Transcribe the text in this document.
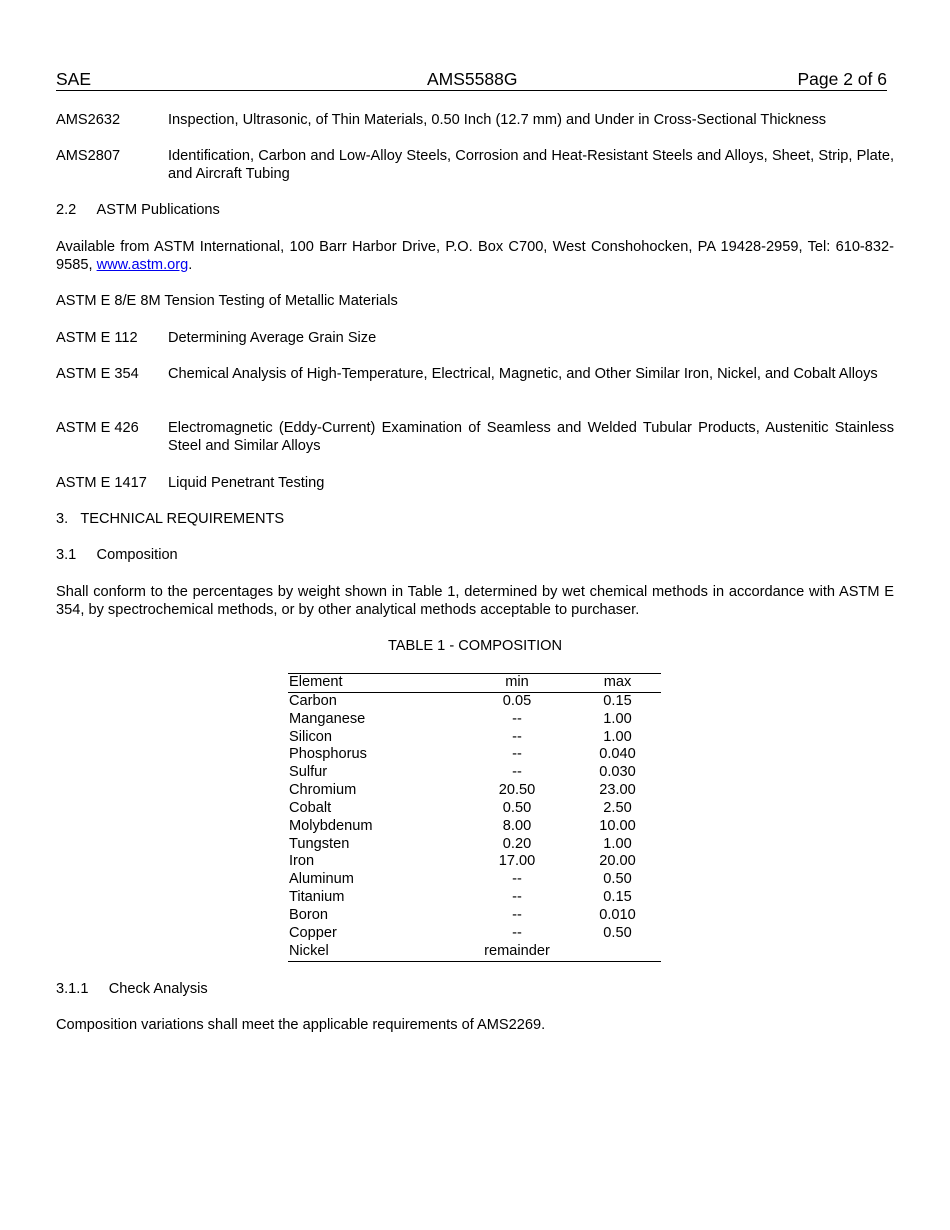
SAE	AMS5588G	Page 2 of 6
AMS2632	Inspection, Ultrasonic, of Thin Materials, 0.50 Inch (12.7 mm) and Under in Cross-Sectional Thickness
AMS2807	Identification, Carbon and Low-Alloy Steels, Corrosion and Heat-Resistant Steels and Alloys, Sheet, Strip, Plate, and Aircraft Tubing
2.2     ASTM Publications
Available from ASTM International, 100 Barr Harbor Drive, P.O. Box C700, West Conshohocken, PA 19428-2959, Tel: 610-832-9585, www.astm.org.
ASTM E 8/E 8M Tension Testing of Metallic Materials
ASTM E 112	Determining Average Grain Size
ASTM E 354	Chemical Analysis of High-Temperature, Electrical, Magnetic, and Other Similar Iron, Nickel, and Cobalt Alloys
ASTM E 426	Electromagnetic (Eddy-Current) Examination of Seamless and Welded Tubular Products, Austenitic Stainless Steel and Similar Alloys
ASTM E 1417	Liquid Penetrant Testing
3.   TECHNICAL REQUIREMENTS
3.1     Composition
Shall conform to the percentages by weight shown in Table 1, determined by wet chemical methods in accordance with ASTM E 354, by spectrochemical methods, or by other analytical methods acceptable to purchaser.
TABLE 1 - COMPOSITION
Element	min	max
Carbon	0.05	0.15
Manganese	--	1.00
Silicon	--	1.00
Phosphorus	--	0.040
Sulfur	--	0.030
Chromium	20.50	23.00
Cobalt	0.50	2.50
Molybdenum	8.00	10.00
Tungsten	0.20	1.00
Iron	17.00	20.00
Aluminum	--	0.50
Titanium	--	0.15
Boron	--	0.010
Copper	--	0.50
Nickel	remainder	
3.1.1     Check Analysis
Composition variations shall meet the applicable requirements of AMS2269.
